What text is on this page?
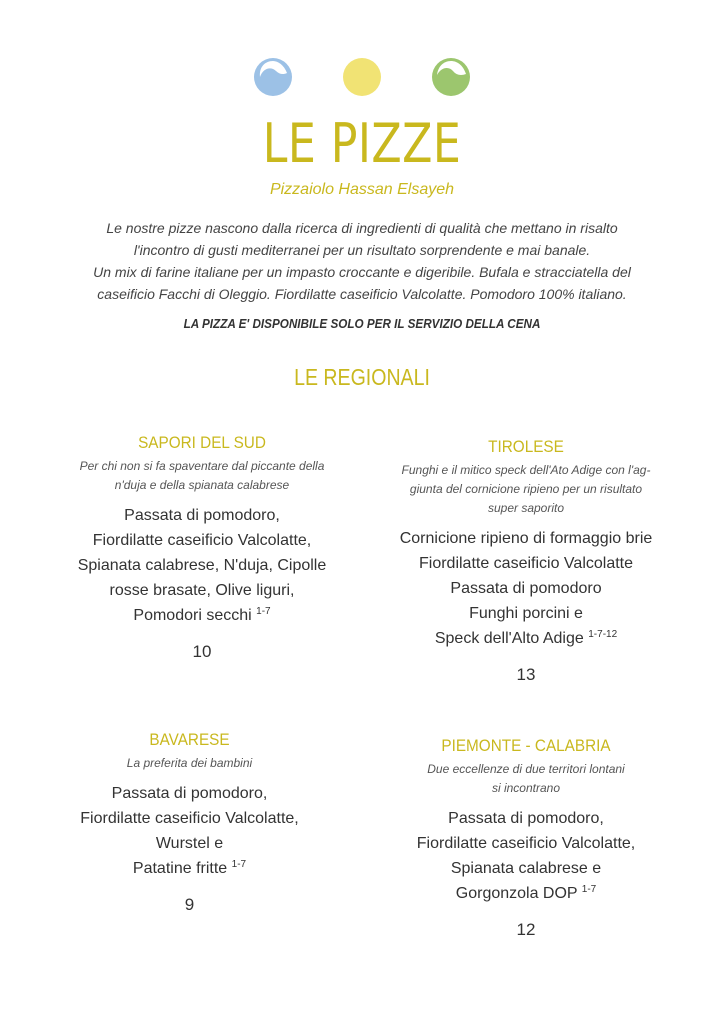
LE PIZZE
Pizzaiolo Hassan Elsayeh
Le nostre pizze nascono dalla ricerca di ingredienti di qualità che mettano in risalto
l'incontro di gusti mediterranei per un risultato sorprendente e mai banale.
Un mix di farine italiane per un impasto croccante e digeribile. Bufala e stracciatella del
caseificio Facchi di Oleggio. Fiordilatte caseificio Valcolatte. Pomodoro 100% italiano.
LA PIZZA E' DISPONIBILE SOLO PER IL SERVIZIO DELLA CENA
LE REGIONALI
SAPORI DEL SUD
Per chi non si fa spaventare dal piccante della
n'duja e della spianata calabrese
Passata di pomodoro,
Fiordilatte caseificio Valcolatte,
Spianata calabrese, N'duja, Cipolle
rosse brasate, Olive liguri,
Pomodori secchi $^{1-7}$
10
TIROLESE
Funghi e il mitico speck dell'Ato Adige con l'ag-
giunta del cornicione ripieno per un risultato
super saporito
Cornicione ripieno di formaggio brie
Fiordilatte caseificio Valcolatte
Passata di pomodoro
Funghi porcini e
Speck dell'Alto Adige $^{1-7-12}$
13
BAVARESE
La preferita dei bambini
Passata di pomodoro,
Fiordilatte caseificio Valcolatte,
Wurstel e
Patatine fritte $^{1-7}$
9
PIEMONTE - CALABRIA
Due eccellenze di due territori lontani
si incontrano
Passata di pomodoro,
Fiordilatte caseificio Valcolatte,
Spianata calabrese e
Gorgonzola DOP $^{1-7}$
12
